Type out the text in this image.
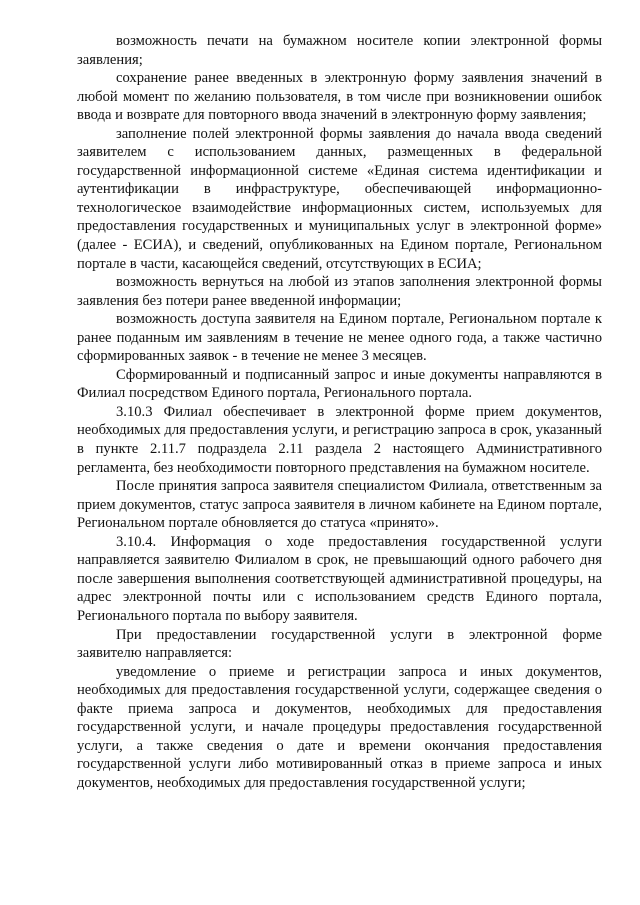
возможность печати на бумажном носителе копии электронной формы заявления;

сохранение ранее введенных в электронную форму заявления значений в любой момент по желанию пользователя, в том числе при возникновении ошибок ввода и возврате для повторного ввода значений в электронную форму заявления;

заполнение полей электронной формы заявления до начала ввода сведений заявителем с использованием данных, размещенных в федеральной государственной информационной системе «Единая система идентификации и аутентификации в инфраструктуре, обеспечивающей информационно-технологическое взаимодействие информационных систем, используемых для предоставления государственных и муниципальных услуг в электронной форме» (далее - ЕСИА), и сведений, опубликованных на Едином портале, Региональном портале в части, касающейся сведений, отсутствующих в ЕСИА;

возможность вернуться на любой из этапов заполнения электронной формы заявления без потери ранее введенной информации;

возможность доступа заявителя на Едином портале, Региональном портале к ранее поданным им заявлениям в течение не менее одного года, а также частично сформированных заявок - в течение не менее 3 месяцев.

Сформированный и подписанный запрос и иные документы направляются в Филиал посредством Единого портала, Регионального портала.

3.10.3 Филиал обеспечивает в электронной форме прием документов, необходимых для предоставления услуги, и регистрацию запроса в срок, указанный в пункте 2.11.7 подраздела 2.11 раздела 2 настоящего Административного регламента, без необходимости повторного представления на бумажном носителе.

После принятия запроса заявителя специалистом Филиала, ответственным за прием документов, статус запроса заявителя в личном кабинете на Едином портале, Региональном портале обновляется до статуса «принято».

3.10.4. Информация о ходе предоставления государственной услуги направляется заявителю Филиалом в срок, не превышающий одного рабочего дня после завершения выполнения соответствующей административной процедуры, на адрес электронной почты или с использованием средств Единого портала, Регионального портала по выбору заявителя.

При предоставлении государственной услуги в электронной форме заявителю направляется:

уведомление о приеме и регистрации запроса и иных документов, необходимых для предоставления государственной услуги, содержащее сведения о факте приема запроса и документов, необходимых для предоставления государственной услуги, и начале процедуры предоставления государственной услуги, а также сведения о дате и времени окончания предоставления государственной услуги либо мотивированный отказ в приеме запроса и иных документов, необходимых для предоставления государственной услуги;
